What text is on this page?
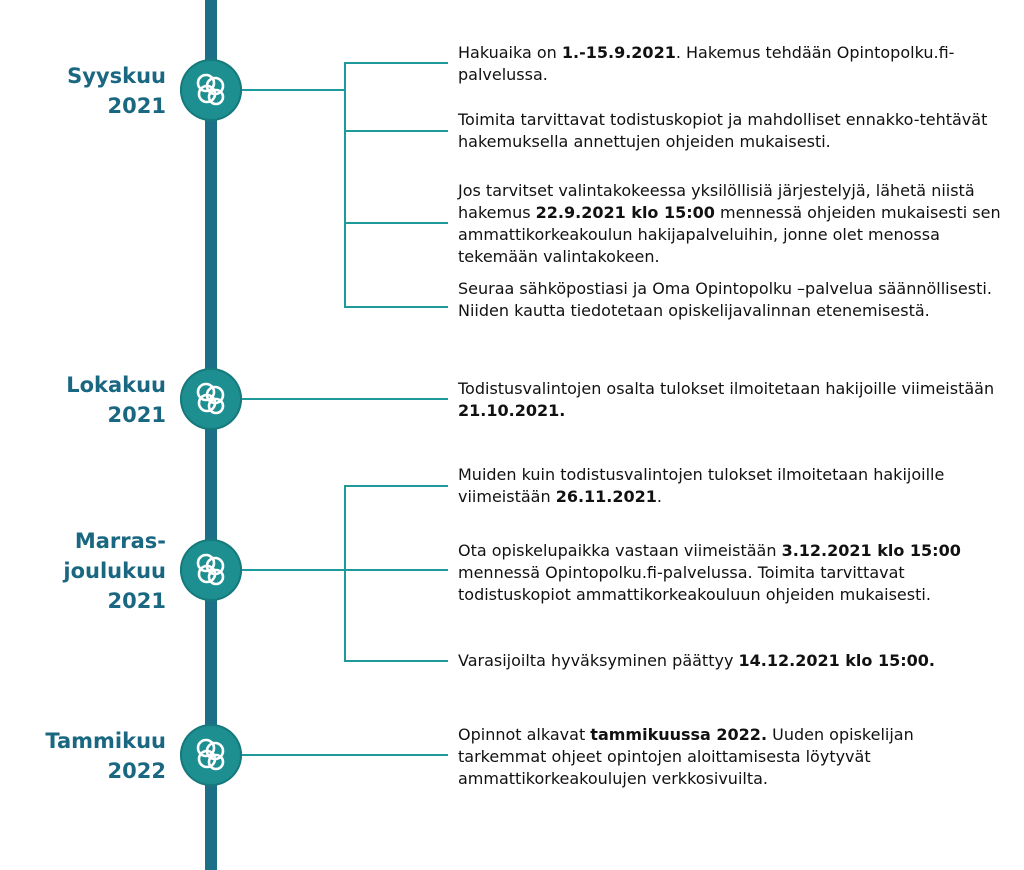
Syyskuu
2021
Hakuaika on 1.-15.9.2021. Hakemus tehdään Opintopolku.fi-palvelussa.
Toimita tarvittavat todistuskopiot ja mahdolliset ennakko-tehtävät hakemuksella annettujen ohjeiden mukaisesti.
Jos tarvitset valintakokeessa yksilöllisiä järjestelyjä, lähetä niistä hakemus 22.9.2021 klo 15:00 mennessä ohjeiden mukaisesti sen ammattikorkeakoulun hakijapalveluihin, jonne olet menossa tekemään valintakokeen.
Seuraa sähköpostiasi ja Oma Opintopolku –palvelua säännöllisesti. Niiden kautta tiedotetaan opiskelijavalinnan etenemisestä.
Lokakuu
2021
Todistusvalintojen osalta tulokset ilmoitetaan hakijoille viimeistään 21.10.2021.
Marras-
joulukuu
2021
Muiden kuin todistusvalintojen tulokset ilmoitetaan hakijoille viimeistään 26.11.2021.
Ota opiskelupaikka vastaan viimeistään 3.12.2021 klo 15:00 mennessä Opintopolku.fi-palvelussa. Toimita tarvittavat todistuskopiot ammattikorkeakouluun ohjeiden mukaisesti.
Varasijoilta hyväksyminen päättyy 14.12.2021 klo 15:00.
Tammikuu
2022
Opinnot alkavat tammikuussa 2022. Uuden opiskelijan tarkemmat ohjeet opintojen aloittamisesta löytyvät ammattikorkeakoulujen verkkosivuilta.
